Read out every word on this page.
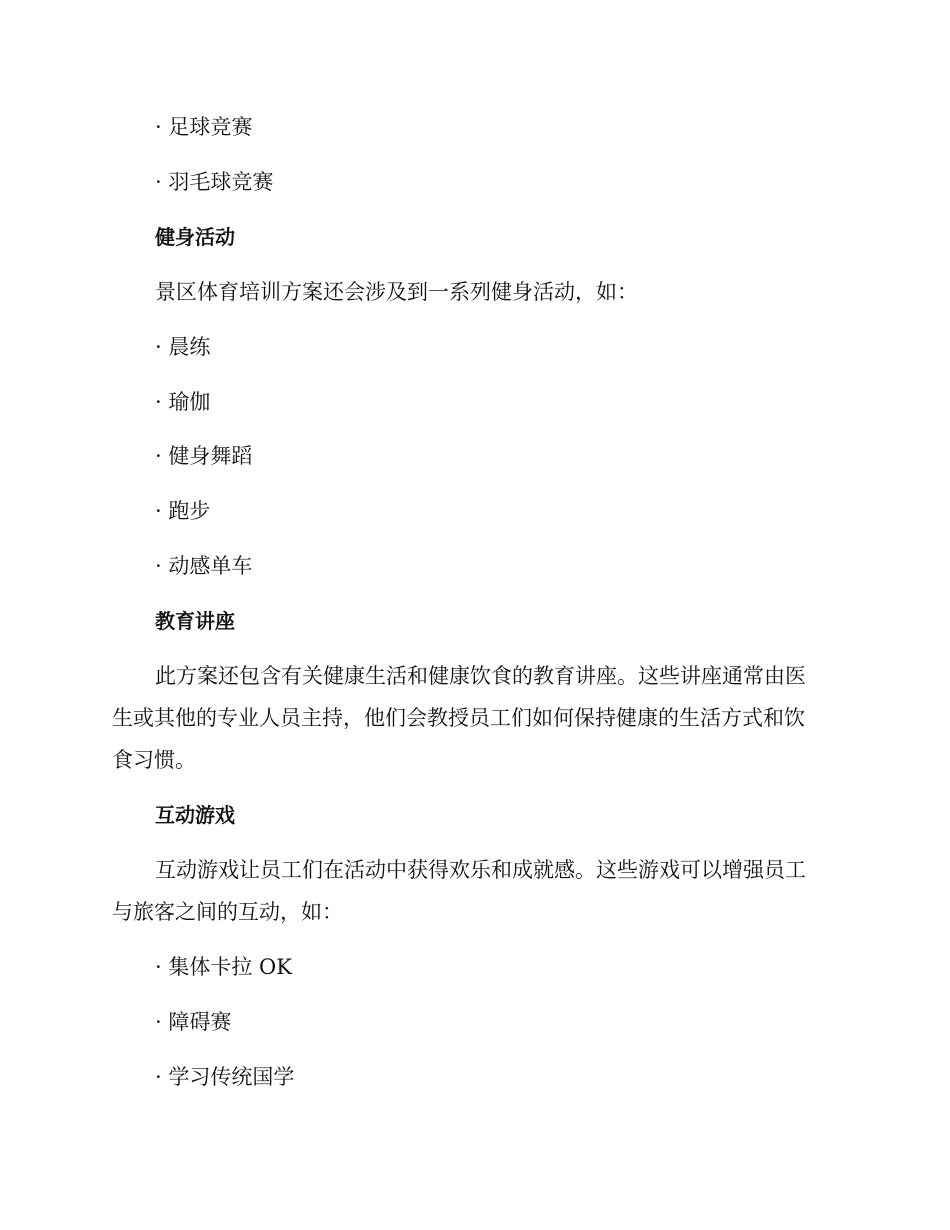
· 足球竞赛
· 羽毛球竞赛
健身活动
景区体育培训方案还会涉及到一系列健身活动，如：
· 晨练
· 瑜伽
· 健身舞蹈
· 跑步
· 动感单车
教育讲座
此方案还包含有关健康生活和健康饮食的教育讲座。这些讲座通常由医
生或其他的专业人员主持，他们会教授员工们如何保持健康的生活方式和饮
食习惯。
互动游戏
互动游戏让员工们在活动中获得欢乐和成就感。这些游戏可以增强员工
与旅客之间的互动，如：
· 集体卡拉 OK
· 障碍赛
· 学习传统国学
